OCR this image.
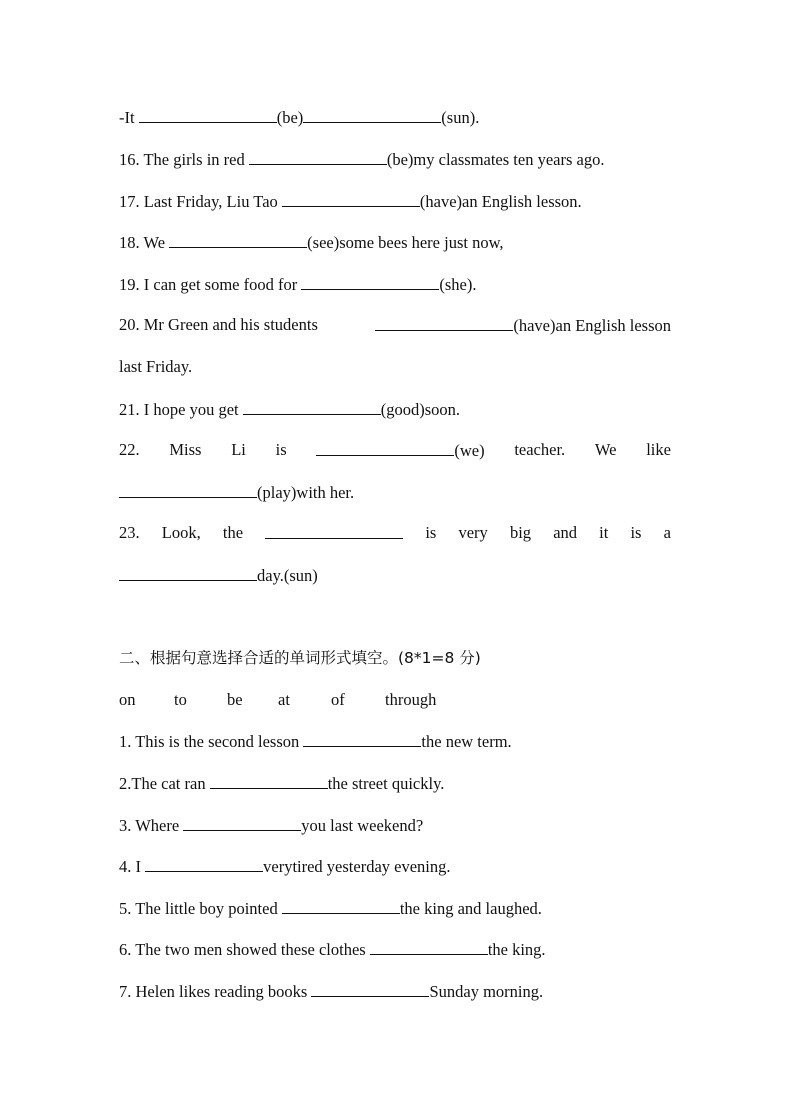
-It	(be)	(sun).
16. The girls in red	(be)my classmates ten years ago.
17. Last Friday, Liu Tao	(have)an English lesson.
18. We	(see)some bees here just now,
19. I can get some food for	(she).
20. Mr Green and his students	(have)an English lesson
last Friday.
21. I hope you get	(good)soon.
22. Miss Li is	(we) teacher. We like
(play)with her.
23. Look, the	is very big and it is a
day.(sun)
二、根据句意选择合适的单词形式填空。(8*1=8 分)
on	to	be	at	of	through
1. This is the second lesson	the new term.
2.The cat ran	the street quickly.
3. Where	you last weekend?
4. I	verytired yesterday evening.
5. The little boy pointed	the king and laughed.
6. The two men showed these clothes	the king.
7. Helen likes reading books	Sunday morning.
